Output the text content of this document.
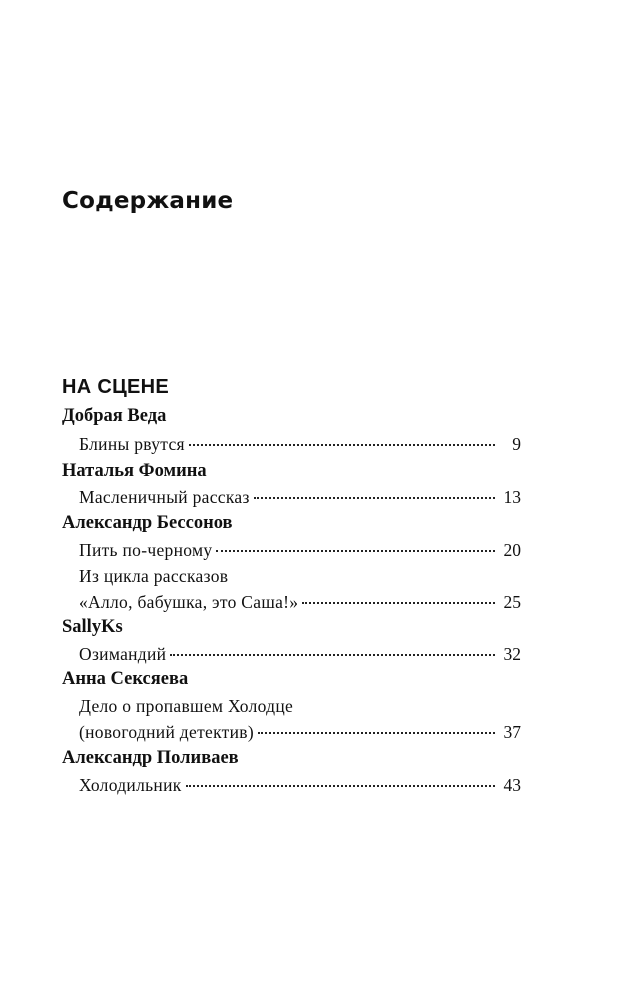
Содержание
НА СЦЕНЕ
Добрая Веда
Блины рвутся	9
Наталья Фомина
Масленичный рассказ	13
Александр Бессонов
Пить по-черному	20
Из цикла рассказов
«Алло, бабушка, это Саша!»	25
SallyKs
Озимандий	32
Анна Сексяева
Дело о пропавшем Холодце
(новогодний детектив)	37
Александр Поливаев
Холодильник	43
